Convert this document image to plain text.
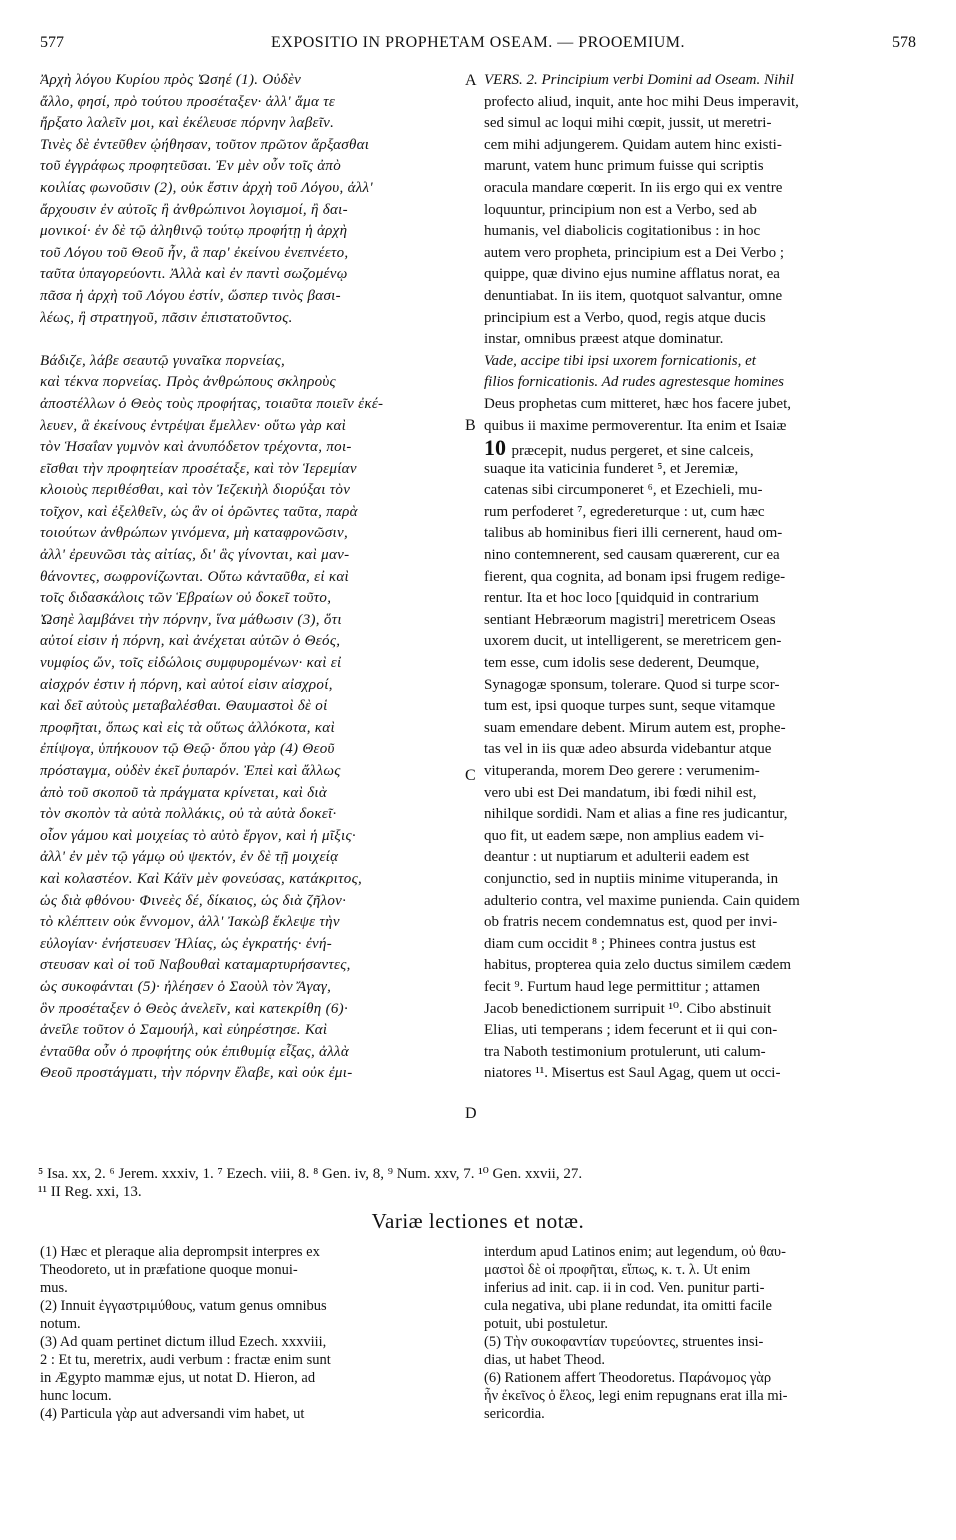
577	EXPOSITIO IN PROPHETAM OSEAM. — PROOEMIUM.	578
Ἀρχὴ λόγου Κυρίου πρὸς Ὠσηέ (1). Οὐδὲν
ἄλλο, φησί, πρὸ τούτου προσέταξεν· ἀλλ' ἅμα τε
ἤρξατο λαλεῖν μοι, καὶ ἐκέλευσε πόρνην λαβεῖν.
Τινὲς δὲ ἐντεῦθεν ᾠήθησαν, τοῦτον πρῶτον ἄρξασθαι
τοῦ ἐγγράφως προφητεῦσαι. Ἐν μὲν οὖν τοῖς ἀπὸ
κοιλίας φωνοῦσιν (2), οὐκ ἔστιν ἀρχὴ τοῦ Λόγου, ἀλλ'
ἄρχουσιν ἐν αὐτοῖς ἢ ἀνθρώπινοι λογισμοί, ἢ δαι-
μονικοί· ἐν δὲ τῷ ἀληθινῷ τούτῳ προφήτῃ ἡ ἀρχὴ
τοῦ Λόγου τοῦ Θεοῦ ἦν, ἃ παρ' ἐκείνου ἐνεπνέετο,
ταῦτα ὑπαγορεύοντι. Ἀλλὰ καὶ ἐν παντὶ σωζομένῳ
πᾶσα ἡ ἀρχὴ τοῦ Λόγου ἐστίν, ὥσπερ τινὸς βασι-
λέως, ἢ στρατηγοῦ, πᾶσιν ἐπιστατοῦντος.
Βάδιζε, λάβε σεαυτῷ γυναῖκα πορνείας,
καὶ τέκνα πορνείας. Πρὸς ἀνθρώπους σκληροὺς
ἀποστέλλων ὁ Θεὸς τοὺς προφήτας, τοιαῦτα ποιεῖν ἐκέ-
λευεν, ἃ ἐκείνους ἐντρέψαι ἔμελλεν· οὕτω γὰρ καὶ
τὸν Ἡσαΐαν γυμνὸν καὶ ἀνυπόδετον τρέχοντα, ποι-
εῖσθαι τὴν προφητείαν προσέταξε, καὶ τὸν Ἱερεμίαν
κλοιοὺς περιθέσθαι, καὶ τὸν Ἰεζεκιὴλ διορύξαι τὸν
τοῖχον, καὶ ἐξελθεῖν, ὡς ἂν οἱ ὁρῶντες ταῦτα, παρὰ
τοιούτων ἀνθρώπων γινόμενα, μὴ καταφρονῶσιν,
ἀλλ' ἐρευνῶσι τὰς αἰτίας, δι' ἃς γίνονται, καὶ μαν-
θάνοντες, σωφρονίζωνται. Οὕτω κἀνταῦθα, εἰ καὶ
τοῖς διδασκάλοις τῶν Ἑβραίων οὐ δοκεῖ τοῦτο,
Ὠσηὲ λαμβάνει τὴν πόρνην, ἵνα μάθωσιν (3), ὅτι
αὐτοί εἰσιν ἡ πόρνη, καὶ ἀνέχεται αὐτῶν ὁ Θεός,
νυμφίος ὤν, τοῖς εἰδώλοις συμφυρομένων· καὶ εἰ
αἰσχρόν ἐστιν ἡ πόρνη, καὶ αὐτοί εἰσιν αἰσχροί,
καὶ δεῖ αὐτοὺς μεταβαλέσθαι. Θαυμαστοὶ δὲ οἱ
προφῆται, ὅπως καὶ εἰς τὰ οὕτως ἀλλόκοτα, καὶ
ἐπίψογα, ὑπήκουον τῷ Θεῷ· ὅπου γὰρ (4) Θεοῦ
πρόσταγμα, οὐδὲν ἐκεῖ ῥυπαρόν. Ἐπεὶ καὶ ἄλλως
ἀπὸ τοῦ σκοποῦ τὰ πράγματα κρίνεται, καὶ διὰ
τὸν σκοπὸν τὰ αὐτὰ πολλάκις, οὐ τὰ αὐτὰ δοκεῖ·
οἷον γάμου καὶ μοιχείας τὸ αὐτὸ ἔργον, καὶ ἡ μῖξις·
ἀλλ' ἐν μὲν τῷ γάμῳ οὐ ψεκτόν, ἐν δὲ τῇ μοιχείᾳ
καὶ κολαστέον. Καὶ Κάϊν μὲν φονεύσας, κατάκριτος,
ὡς διὰ φθόνου· Φινεὲς δέ, δίκαιος, ὡς διὰ ζῆλον·
τὸ κλέπτειν οὐκ ἔννομον, ἀλλ' Ἰακὼβ ἔκλεψε τὴν
εὐλογίαν· ἐνήστευσεν Ἠλίας, ὡς ἐγκρατής· ἐνή-
στευσαν καὶ οἱ τοῦ Ναβουθαὶ καταμαρτυρήσαντες,
ὡς συκοφάνται (5)· ἠλέησεν ὁ Σαοὺλ τὸν Ἄγαγ,
ὃν προσέταξεν ὁ Θεὸς ἀνελεῖν, καὶ κατεκρίθη (6)·
ἀνεῖλε τοῦτον ὁ Σαμουήλ, καὶ εὐηρέστησε. Καὶ
ἐνταῦθα οὖν ὁ προφήτης οὐκ ἐπιθυμίᾳ εἶξας, ἀλλὰ
Θεοῦ προστάγματι, τὴν πόρνην ἔλαβε, καὶ οὐκ ἐμι-
VERS. 2. Principium verbi Domini ad Oseam. Nihil
profecto aliud, inquit, ante hoc mihi Deus imperavit,
sed simul ac loqui mihi cœpit, jussit, ut meretri-
cem mihi adjungerem. Quidam autem hinc existi-
marunt, vatem hunc primum fuisse qui scriptis
oracula mandare cœperit. In iis ergo qui ex ventre
loquuntur, principium non est a Verbo, sed ab
humanis, vel diabolicis cogitationibus : in hoc
autem vero propheta, principium est a Dei Verbo ;
quippe, quæ divino ejus numine afflatus norat, ea
denuntiabat. In iis item, quotquot salvantur, omne
principium est a Verbo, quod, regis atque ducis
instar, omnibus præest atque dominatur.
Vade, accipe tibi ipsi uxorem fornicationis, et
filios fornicationis. Ad rudes agrestesque homines
Deus prophetas cum mitteret, hæc hos facere jubet,
quibus ii maxime permoverentur. Ita enim et Isaiæ
10 præcepit, nudus pergeret, et sine calceis,
suaque ita vaticinia funderet ⁵, et Jeremiæ,
catenas sibi circumponeret ⁶, et Ezechieli, mu-
rum perfoderet ⁷, egredereturque : ut, cum hæc
talibus ab hominibus fieri illi cernerent, haud om-
nino contemnerent, sed causam quærerent, cur ea
fierent, qua cognita, ad bonam ipsi frugem redige-
rentur. Ita et hoc loco [quidquid in contrarium
sentiant Hebræorum magistri] meretricem Oseas
uxorem ducit, ut intelligerent, se meretricem gen-
tem esse, cum idolis sese dederent, Deumque,
Synagogæ sponsum, tolerare. Quod si turpe scor-
tum est, ipsi quoque turpes sunt, seque vitamque
suam emendare debent. Mirum autem est, prophe-
tas vel in iis quæ adeo absurda videbantur atque
vituperanda, morem Deo gerere : verumenim-
vero ubi est Dei mandatum, ibi fœdi nihil est,
nihilque sordidi. Nam et alias a fine res judicantur,
quo fit, ut eadem sæpe, non amplius eadem vi-
deantur : ut nuptiarum et adulterii eadem est
conjunctio, sed in nuptiis minime vituperanda, in
adulterio contra, vel maxime punienda. Cain quidem
ob fratris necem condemnatus est, quod per invi-
diam cum occidit ⁸ ; Phinees contra justus est
habitus, propterea quia zelo ductus similem cædem
fecit ⁹. Furtum haud lege permittitur ; attamen
Jacob benedictionem surripuit ¹⁰. Cibo abstinuit
Elias, uti temperans ; idem fecerunt et ii qui con-
tra Naboth testimonium protulerunt, uti calum-
niatores ¹¹. Misertus est Saul Agag, quem ut occi-
A
B
C
D
⁵ Isa. xx, 2. ⁶ Jerem. xxxiv, 1. ⁷ Ezech. viii, 8. ⁸ Gen. iv, 8, ⁹ Num. xxv, 7. ¹⁰ Gen. xxvii, 27.
¹¹ II Reg. xxi, 13.
Variæ lectiones et notæ.
(1) Hæc et pleraque alia deprompsit interpres ex
Theodoreto, ut in præfatione quoque monui-
mus.
(2) Innuit ἐγγαστριμύθους, vatum genus omnibus
notum.
(3) Ad quam pertinet dictum illud Ezech. xxxviii,
2 : Et tu, meretrix, audi verbum : fractæ enim sunt
in Ægypto mammæ ejus, ut notat D. Hieron, ad
hunc locum.
(4) Particula γὰρ aut adversandi vim habet, ut
interdum apud Latinos enim; aut legendum, οὐ θαυ-
μαστοὶ δὲ οἱ προφῆται, εἴπως, κ. τ. λ. Ut enim
inferius ad init. cap. ii in cod. Ven. punitur parti-
cula negativa, ubi plane redundat, ita omitti facile
potuit, ubi postuletur.
(5) Τὴν συκοφαντίαν τυρεύοντες, struentes insi-
dias, ut habet Theod.
(6) Rationem affert Theodoretus. Παράνομος γὰρ
ἦν ἐκεῖνος ὁ ἔλεος, legi enim repugnans erat illa mi-
sericordia.
